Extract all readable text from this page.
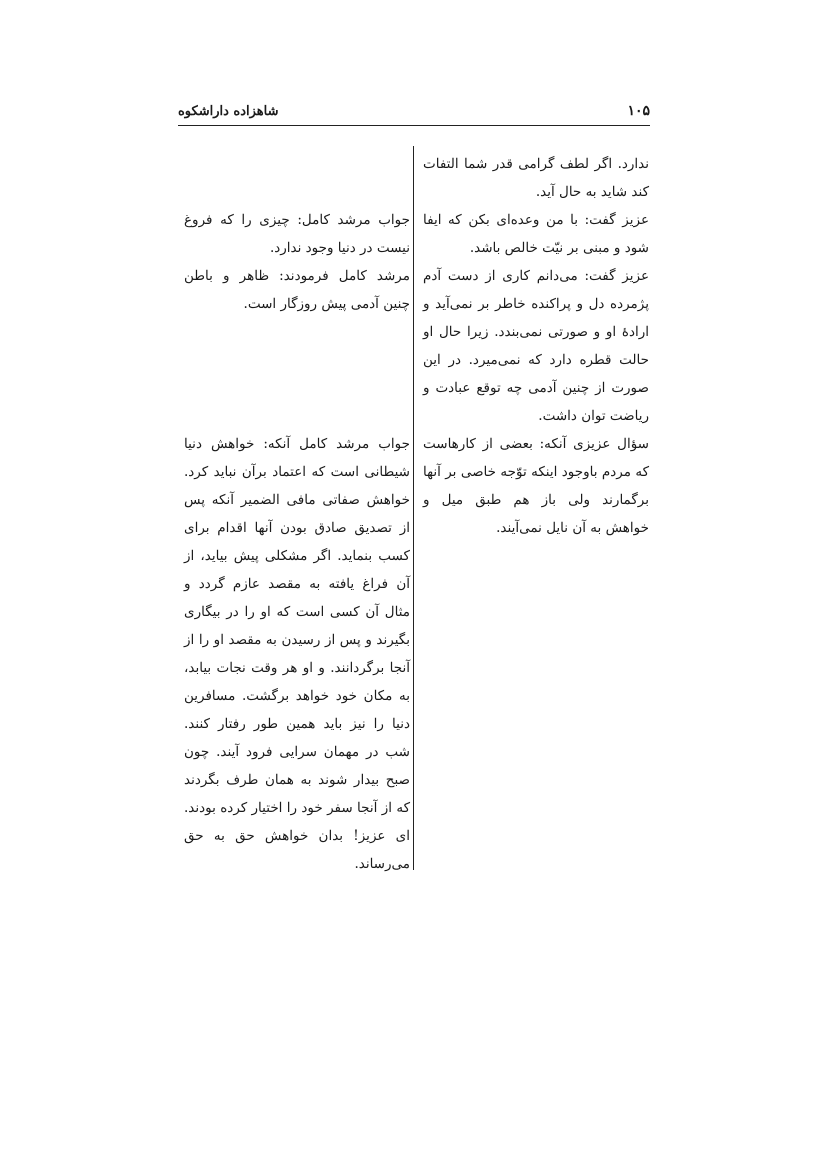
۱۰۵
شاهزاده داراشکوه

ندارد. اگر لطف گرامی قدر شما التفات کند شاید به حال آید.

عزیز گفت: با من وعده‌ای بکن که ایفا شود و مبنی بر نیّت خالص باشد.

عزیز گفت: می‌دانم کاری از دست آدم پژمرده دل و پراکنده خاطر بر نمی‌آید و ارادهٔ او و صورتی نمی‌بندد. زیرا حال او حالت قطره دارد که نمی‌میرد. در این صورت از چنین آدمی چه توقع عبادت و ریاضت توان داشت.

سؤال عزیزی آنکه: بعضی از کارهاست که مردم باوجود اینکه توّجه خاصی بر آنها برگمارند ولی باز هم طبق میل و خواهش به آن نایل نمی‌آیند.

جواب مرشد کامل: چیزی را که فروغ نیست در دنیا وجود ندارد.

مرشد کامل فرمودند: ظاهر و باطن چنین آدمی پیش روزگار است.

جواب مرشد کامل آنکه: خواهش دنیا شیطانی است که اعتماد برآن نباید کرد. خواهش صفاتی مافی الضمیر آنکه پس از تصدیق صادق بودن آنها اقدام برای کسب بنماید. اگر مشکلی پیش بیاید، از آن فراغ یافته به مقصد عازم گردد و مثال آن کسی است که او را در بیگاری بگیرند و پس از رسیدن به مقصد او را از آنجا برگردانند. و او هر وقت نجات بیابد، به مکان خود خواهد برگشت. مسافرین دنیا را نیز باید همین طور رفتار کنند. شب در مهمان سرایی فرود آیند. چون صبح بیدار شوند به همان طرف بگردند که از آنجا سفر خود را اختیار کرده بودند. ای عزیز! بدان خواهش حق به حق می‌رساند.
